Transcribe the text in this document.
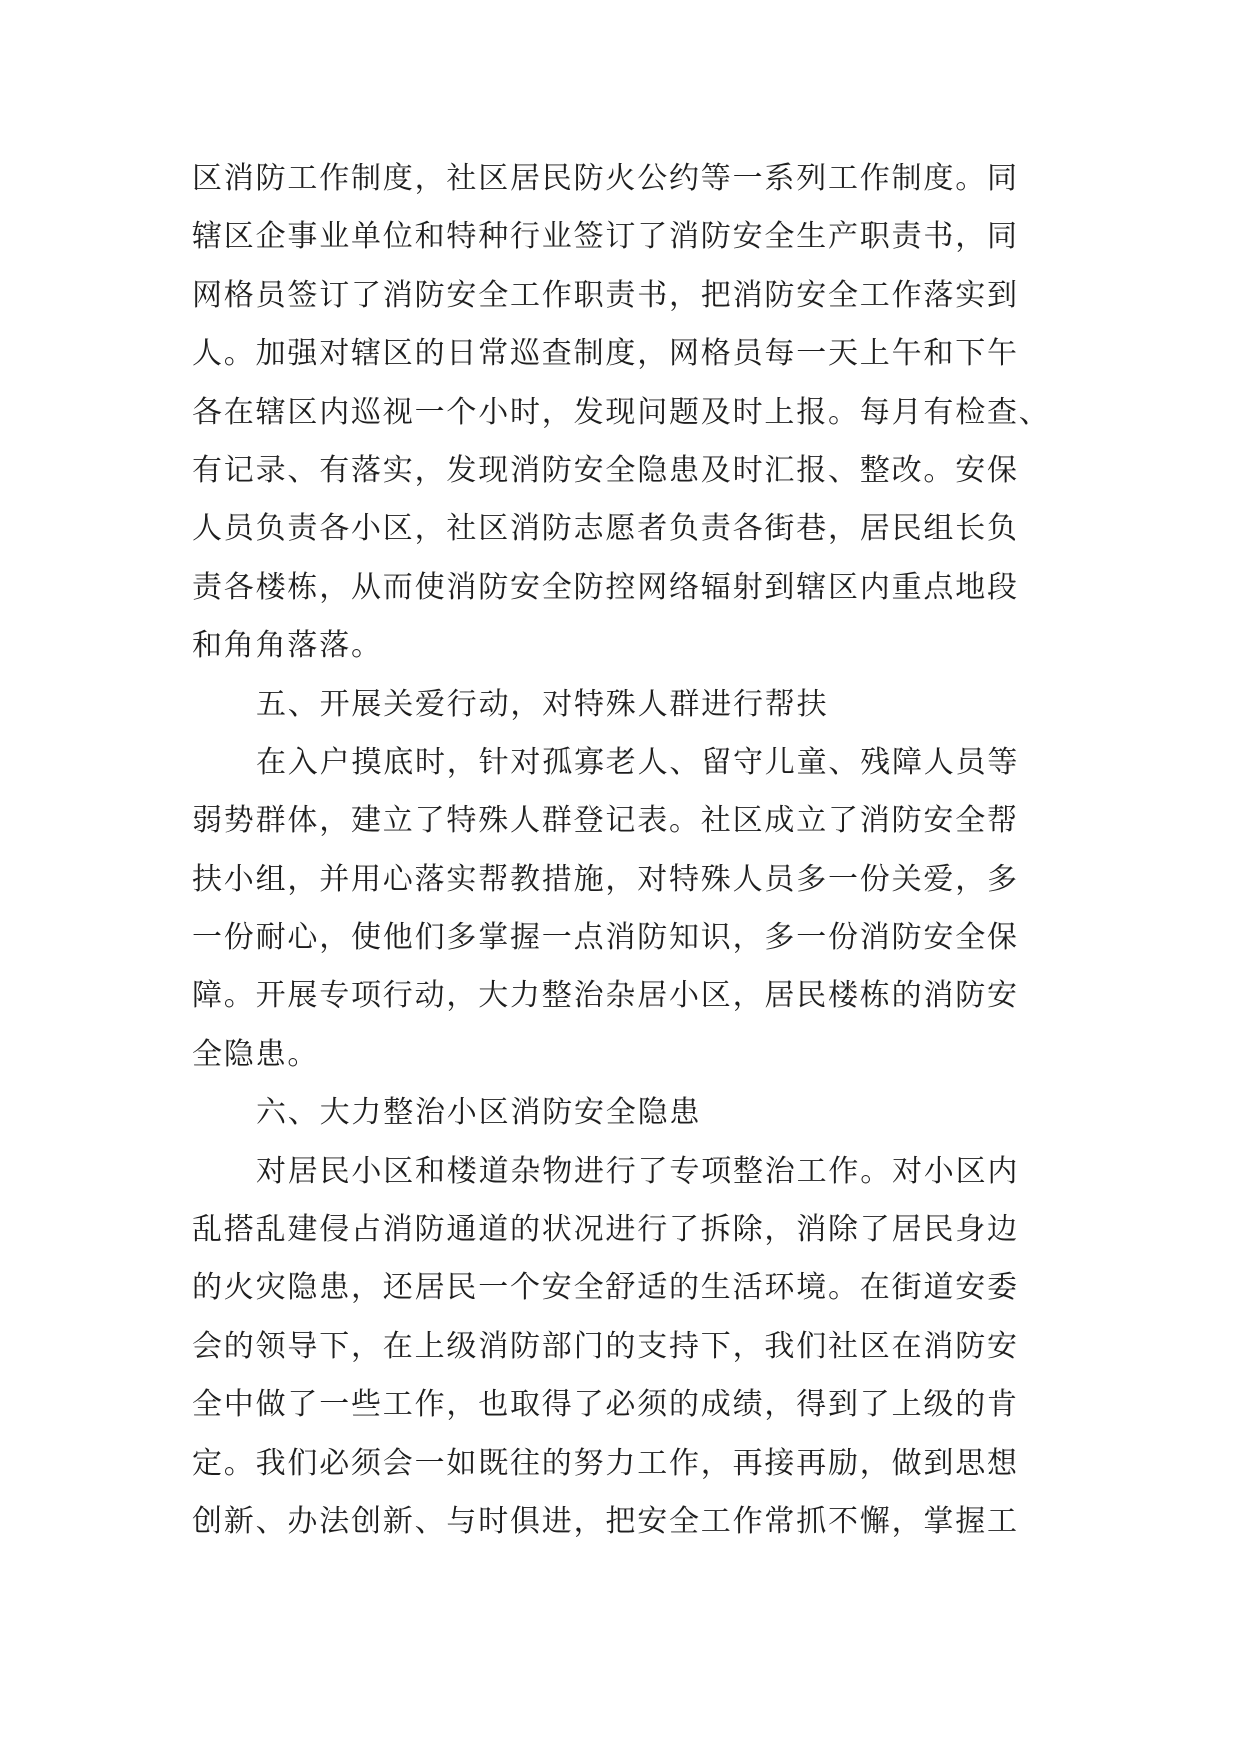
区消防工作制度，社区居民防火公约等一系列工作制度。同
辖区企事业单位和特种行业签订了消防安全生产职责书，同
网格员签订了消防安全工作职责书，把消防安全工作落实到
人。加强对辖区的日常巡查制度，网格员每一天上午和下午
各在辖区内巡视一个小时，发现问题及时上报。每月有检查、
有记录、有落实，发现消防安全隐患及时汇报、整改。安保
人员负责各小区，社区消防志愿者负责各街巷，居民组长负
责各楼栋，从而使消防安全防控网络辐射到辖区内重点地段
和角角落落。
五、开展关爱行动，对特殊人群进行帮扶
在入户摸底时，针对孤寡老人、留守儿童、残障人员等
弱势群体，建立了特殊人群登记表。社区成立了消防安全帮
扶小组，并用心落实帮教措施，对特殊人员多一份关爱，多
一份耐心，使他们多掌握一点消防知识，多一份消防安全保
障。开展专项行动，大力整治杂居小区，居民楼栋的消防安
全隐患。
六、大力整治小区消防安全隐患
对居民小区和楼道杂物进行了专项整治工作。对小区内
乱搭乱建侵占消防通道的状况进行了拆除，消除了居民身边
的火灾隐患，还居民一个安全舒适的生活环境。在街道安委
会的领导下，在上级消防部门的支持下，我们社区在消防安
全中做了一些工作，也取得了必须的成绩，得到了上级的肯
定。我们必须会一如既往的努力工作，再接再励，做到思想
创新、办法创新、与时俱进，把安全工作常抓不懈，掌握工
